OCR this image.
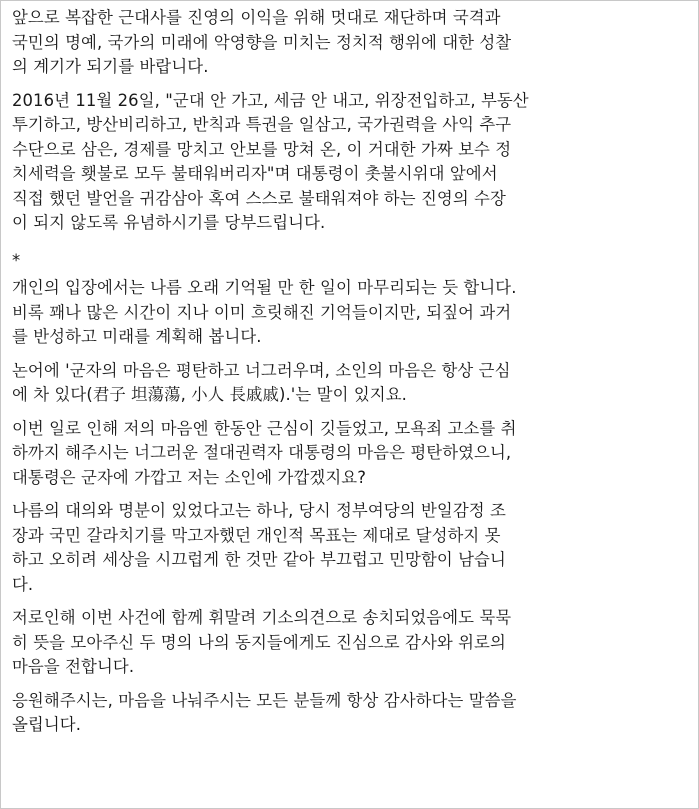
앞으로 복잡한 근대사를 진영의 이익을 위해 멋대로 재단하며 국격과
국민의 명예, 국가의 미래에 악영향을 미치는 정치적 행위에 대한 성찰
의 계기가 되기를 바랍니다.

2016년 11월 26일, "군대 안 가고, 세금 안 내고, 위장전입하고, 부동산
투기하고, 방산비리하고, 반칙과 특권을 일삼고, 국가권력을 사익 추구
수단으로 삼은, 경제를 망치고 안보를 망쳐 온, 이 거대한 가짜 보수 정
치세력을 횃불로 모두 불태워버리자"며 대통령이 촛불시위대 앞에서
직접 했던 발언을 귀감삼아 혹여 스스로 불태워져야 하는 진영의 수장
이 되지 않도록 유념하시기를 당부드립니다.

*

개인의 입장에서는 나름 오래 기억될 만 한 일이 마무리되는 듯 합니다.
비록 꽤나 많은 시간이 지나 이미 흐릿해진 기억들이지만, 되짚어 과거
를 반성하고 미래를 계획해 봅니다.

논어에 '군자의 마음은 평탄하고 너그러우며, 소인의 마음은 항상 근심
에 차 있다(君子 坦蕩蕩, 小人 長戚戚).'는 말이 있지요.

이번 일로 인해 저의 마음엔 한동안 근심이 깃들었고, 모욕죄 고소를 취
하까지 해주시는 너그러운 절대권력자 대통령의 마음은 평탄하였으니,
대통령은 군자에 가깝고 저는 소인에 가깝겠지요?

나름의 대의와 명분이 있었다고는 하나, 당시 정부여당의 반일감정 조
장과 국민 갈라치기를 막고자했던 개인적 목표는 제대로 달성하지 못
하고 오히려 세상을 시끄럽게 한 것만 같아 부끄럽고 민망함이 남습니
다.

저로인해 이번 사건에 함께 휘말려 기소의견으로 송치되었음에도 묵묵
히 뜻을 모아주신 두 명의 나의 동지들에게도 진심으로 감사와 위로의
마음을 전합니다.

응원해주시는, 마음을 나눠주시는 모든 분들께 항상 감사하다는 말씀을
올립니다.
